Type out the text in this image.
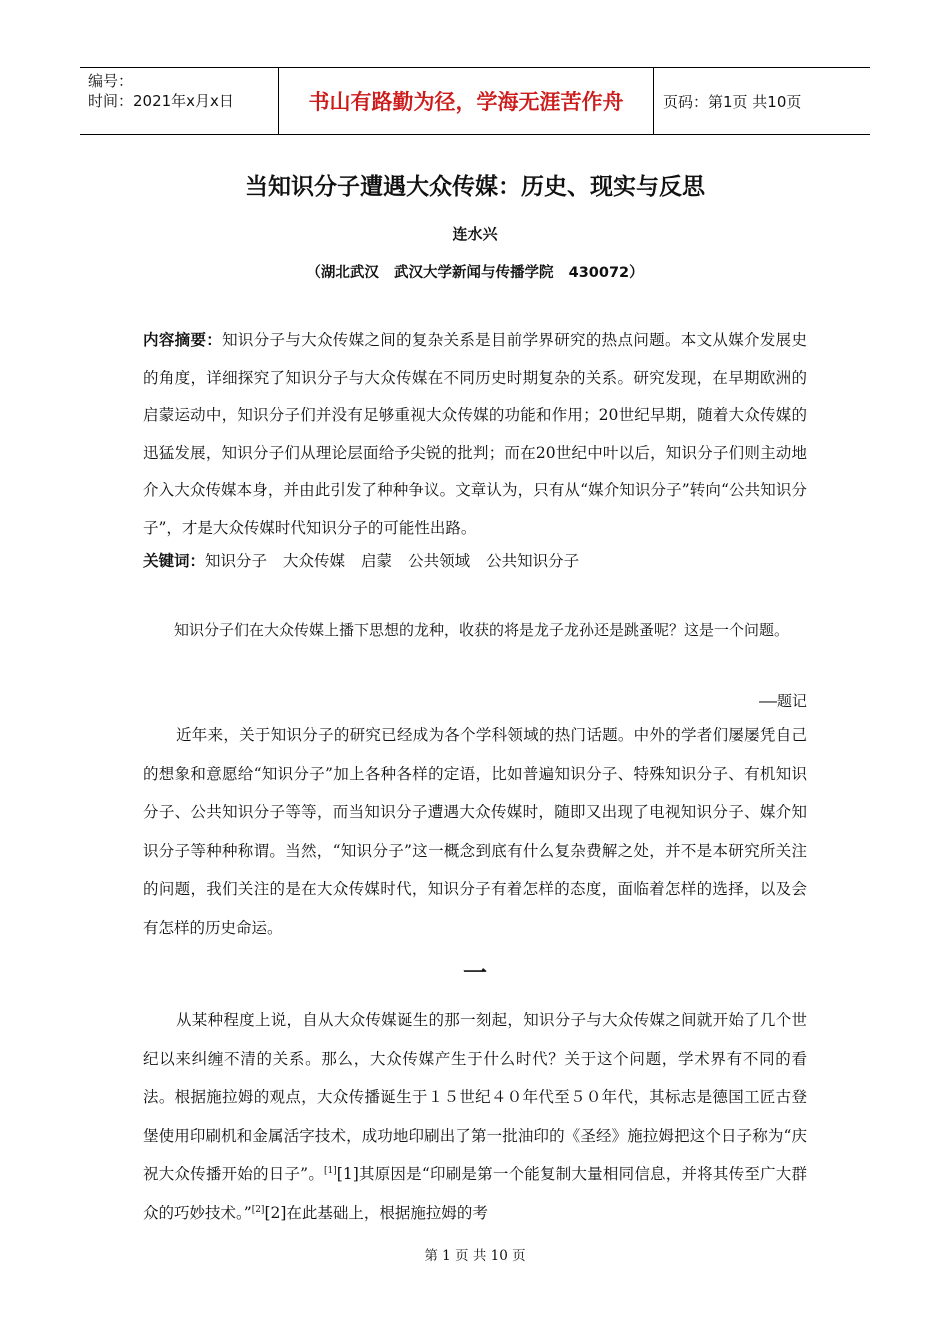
编号：
时间：2021年x月x日	书山有路勤为径，学海无涯苦作舟	页码：第1页 共10页
当知识分子遭遇大众传媒：历史、现实与反思
连水兴
（湖北武汉   武汉大学新闻与传播学院   430072）
内容摘要：知识分子与大众传媒之间的复杂关系是目前学界研究的热点问题。本文从媒介发展史的角度，详细探究了知识分子与大众传媒在不同历史时期复杂的关系。研究发现，在早期欧洲的启蒙运动中，知识分子们并没有足够重视大众传媒的功能和作用；20世纪早期，随着大众传媒的迅猛发展，知识分子们从理论层面给予尖锐的批判；而在20世纪中叶以后，知识分子们则主动地介入大众传媒本身，并由此引发了种种争议。文章认为，只有从“媒介知识分子”转向“公共知识分子”，才是大众传媒时代知识分子的可能性出路。
关键词：知识分子 大众传媒 启蒙 公共领域 公共知识分子
知识分子们在大众传媒上播下思想的龙种，收获的将是龙子龙孙还是跳蚤呢？这是一个问题。
——题记
近年来，关于知识分子的研究已经成为各个学科领域的热门话题。中外的学者们屡屡凭自己的想象和意愿给“知识分子”加上各种各样的定语，比如普遍知识分子、特殊知识分子、有机知识分子、公共知识分子等等，而当知识分子遭遇大众传媒时，随即又出现了电视知识分子、媒介知识分子等种种称谓。当然，“知识分子”这一概念到底有什么复杂费解之处，并不是本研究所关注的问题，我们关注的是在大众传媒时代，知识分子有着怎样的态度，面临着怎样的选择，以及会有怎样的历史命运。
一
从某种程度上说，自从大众传媒诞生的那一刻起，知识分子与大众传媒之间就开始了几个世纪以来纠缠不清的关系。那么，大众传媒产生于什么时代？关于这个问题，学术界有不同的看法。根据施拉姆的观点，大众传播诞生于１５世纪４０年代至５０年代，其标志是德国工匠古登堡使用印刷机和金属活字技术，成功地印刷出了第一批油印的《圣经》施拉姆把这个日子称为“庆祝大众传播开始的日子”。[1][1]其原因是“印刷是第一个能复制大量相同信息，并将其传至广大群众的巧妙技术。”[2][2]在此基础上，根据施拉姆的考
第 1 页 共 10 页
